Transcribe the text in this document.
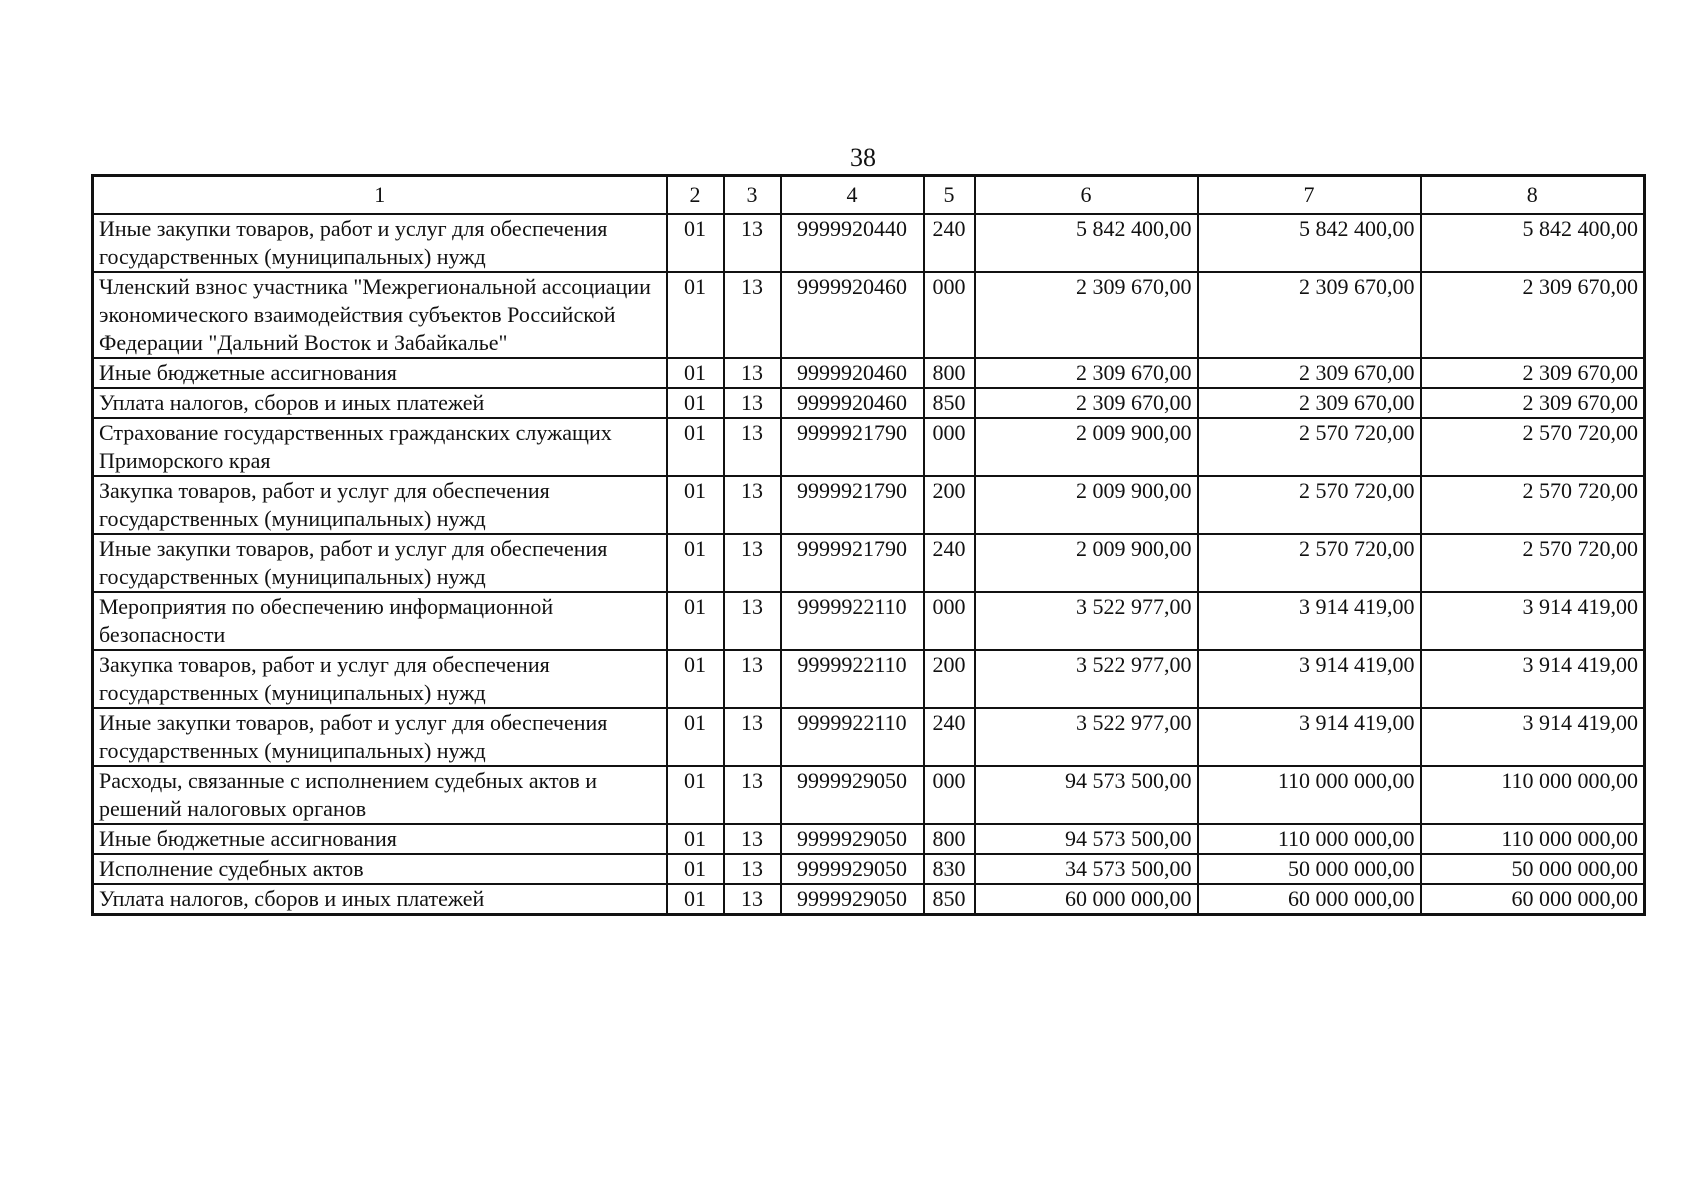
38
1	2	3	4	5	6	7	8
Иные закупки товаров, работ и услуг для обеспечения государственных (муниципальных) нужд	01	13	9999920440	240	5 842 400,00	5 842 400,00	5 842 400,00
Членский взнос участника "Межрегиональной ассоциации экономического взаимодействия субъектов Российской Федерации "Дальний Восток и Забайкалье"	01	13	9999920460	000	2 309 670,00	2 309 670,00	2 309 670,00
Иные бюджетные ассигнования	01	13	9999920460	800	2 309 670,00	2 309 670,00	2 309 670,00
Уплата налогов, сборов и иных платежей	01	13	9999920460	850	2 309 670,00	2 309 670,00	2 309 670,00
Страхование государственных гражданских служащих Приморского края	01	13	9999921790	000	2 009 900,00	2 570 720,00	2 570 720,00
Закупка товаров, работ и услуг для обеспечения государственных (муниципальных) нужд	01	13	9999921790	200	2 009 900,00	2 570 720,00	2 570 720,00
Иные закупки товаров, работ и услуг для обеспечения государственных (муниципальных) нужд	01	13	9999921790	240	2 009 900,00	2 570 720,00	2 570 720,00
Мероприятия по обеспечению информационной безопасности	01	13	9999922110	000	3 522 977,00	3 914 419,00	3 914 419,00
Закупка товаров, работ и услуг для обеспечения государственных (муниципальных) нужд	01	13	9999922110	200	3 522 977,00	3 914 419,00	3 914 419,00
Иные закупки товаров, работ и услуг для обеспечения государственных (муниципальных) нужд	01	13	9999922110	240	3 522 977,00	3 914 419,00	3 914 419,00
Расходы, связанные с исполнением судебных актов и решений налоговых органов	01	13	9999929050	000	94 573 500,00	110 000 000,00	110 000 000,00
Иные бюджетные ассигнования	01	13	9999929050	800	94 573 500,00	110 000 000,00	110 000 000,00
Исполнение судебных актов	01	13	9999929050	830	34 573 500,00	50 000 000,00	50 000 000,00
Уплата налогов, сборов и иных платежей	01	13	9999929050	850	60 000 000,00	60 000 000,00	60 000 000,00
